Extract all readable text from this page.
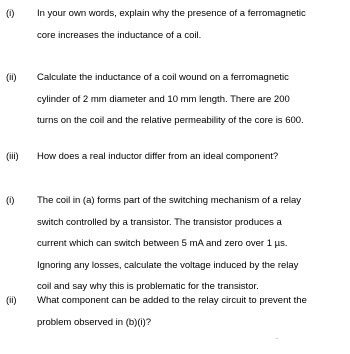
(i) In your own words, explain why the presence of a ferromagnetic
core increases the inductance of a coil.
(ii) Calculate the inductance of a coil wound on a ferromagnetic
cylinder of 2 mm diameter and 10 mm length. There are 200
turns on the coil and the relative permeability of the core is 600.
(iii) How does a real inductor differ from an ideal component?
(i) The coil in (a) forms part of the switching mechanism of a relay
switch controlled by a transistor. The transistor produces a
current which can switch between 5 mA and zero over 1 µs.
Ignoring any losses, calculate the voltage induced by the relay
coil and say why this is problematic for the transistor.
(ii) What component can be added to the relay circuit to prevent the
problem observed in (b)(i)?
